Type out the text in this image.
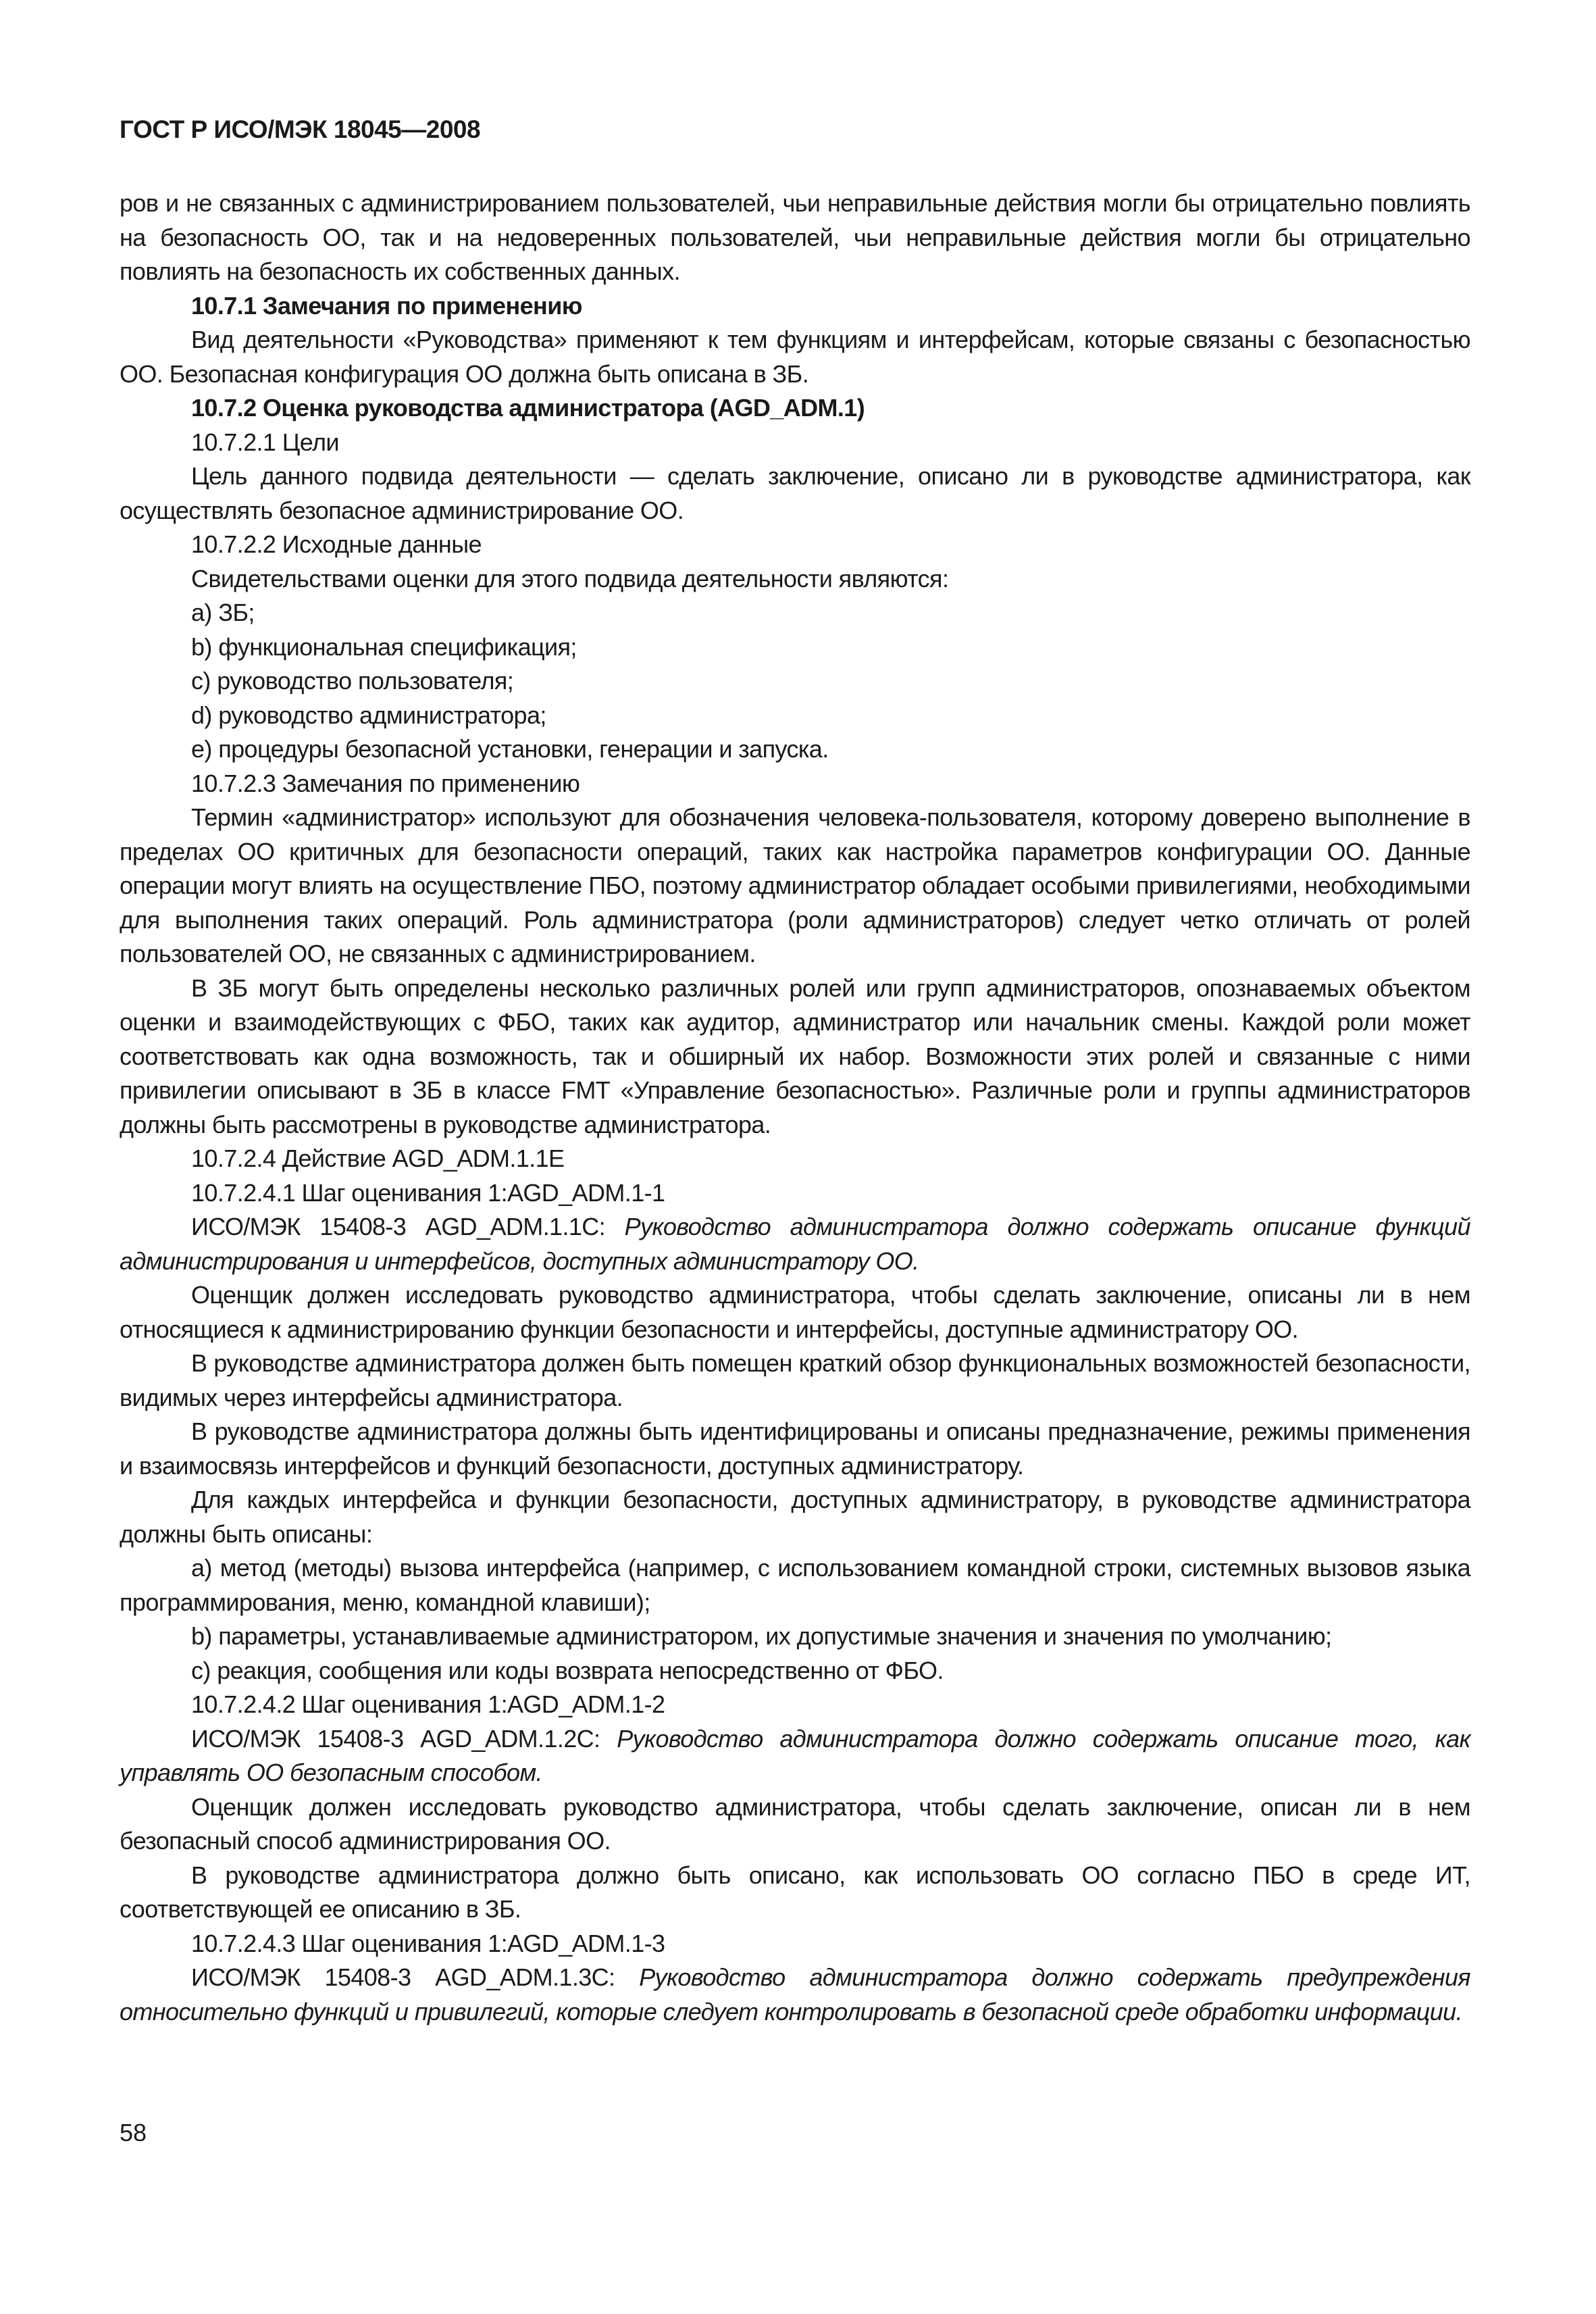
ГОСТ Р ИСО/МЭК 18045—2008

ров и не связанных с администрированием пользователей, чьи неправильные действия могли бы отрицательно повлиять на безопасность ОО, так и на недоверенных пользователей, чьи неправильные действия могли бы отрицательно повлиять на безопасность их собственных данных.

10.7.1 Замечания по применению

Вид деятельности «Руководства» применяют к тем функциям и интерфейсам, которые связаны с безопасностью ОО. Безопасная конфигурация ОО должна быть описана в ЗБ.

10.7.2 Оценка руководства администратора (AGD_ADM.1)

10.7.2.1 Цели

Цель данного подвида деятельности — сделать заключение, описано ли в руководстве администратора, как осуществлять безопасное администрирование ОО.

10.7.2.2 Исходные данные

Свидетельствами оценки для этого подвида деятельности являются:

a) ЗБ;

b) функциональная спецификация;

c) руководство пользователя;

d) руководство администратора;

e) процедуры безопасной установки, генерации и запуска.

10.7.2.3 Замечания по применению

Термин «администратор» используют для обозначения человека-пользователя, которому доверено выполнение в пределах ОО критичных для безопасности операций, таких как настройка параметров конфигурации ОО. Данные операции могут влиять на осуществление ПБО, поэтому администратор обладает особыми привилегиями, необходимыми для выполнения таких операций. Роль администратора (роли администраторов) следует четко отличать от ролей пользователей ОО, не связанных с администрированием.

В ЗБ могут быть определены несколько различных ролей или групп администраторов, опознаваемых объектом оценки и взаимодействующих с ФБО, таких как аудитор, администратор или начальник смены. Каждой роли может соответствовать как одна возможность, так и обширный их набор. Возможности этих ролей и связанные с ними привилегии описывают в ЗБ в классе FMT «Управление безопасностью». Различные роли и группы администраторов должны быть рассмотрены в руководстве администратора.

10.7.2.4 Действие AGD_ADM.1.1E

10.7.2.4.1 Шаг оценивания 1:AGD_ADM.1-1

ИСО/МЭК 15408-3 AGD_ADM.1.1C: Руководство администратора должно содержать описание функций администрирования и интерфейсов, доступных администратору ОО.

Оценщик должен исследовать руководство администратора, чтобы сделать заключение, описаны ли в нем относящиеся к администрированию функции безопасности и интерфейсы, доступные администратору ОО.

В руководстве администратора должен быть помещен краткий обзор функциональных возможностей безопасности, видимых через интерфейсы администратора.

В руководстве администратора должны быть идентифицированы и описаны предназначение, режимы применения и взаимосвязь интерфейсов и функций безопасности, доступных администратору.

Для каждых интерфейса и функции безопасности, доступных администратору, в руководстве администратора должны быть описаны:

a) метод (методы) вызова интерфейса (например, с использованием командной строки, системных вызовов языка программирования, меню, командной клавиши);

b) параметры, устанавливаемые администратором, их допустимые значения и значения по умолчанию;

c) реакция, сообщения или коды возврата непосредственно от ФБО.

10.7.2.4.2 Шаг оценивания 1:AGD_ADM.1-2

ИСО/МЭК 15408-3 AGD_ADM.1.2C: Руководство администратора должно содержать описание того, как управлять ОО безопасным способом.

Оценщик должен исследовать руководство администратора, чтобы сделать заключение, описан ли в нем безопасный способ администрирования ОО.

В руководстве администратора должно быть описано, как использовать ОО согласно ПБО в среде ИТ, соответствующей ее описанию в ЗБ.

10.7.2.4.3 Шаг оценивания 1:AGD_ADM.1-3

ИСО/МЭК 15408-3 AGD_ADM.1.3C: Руководство администратора должно содержать предупреждения относительно функций и привилегий, которые следует контролировать в безопасной среде обработки информации.

58
